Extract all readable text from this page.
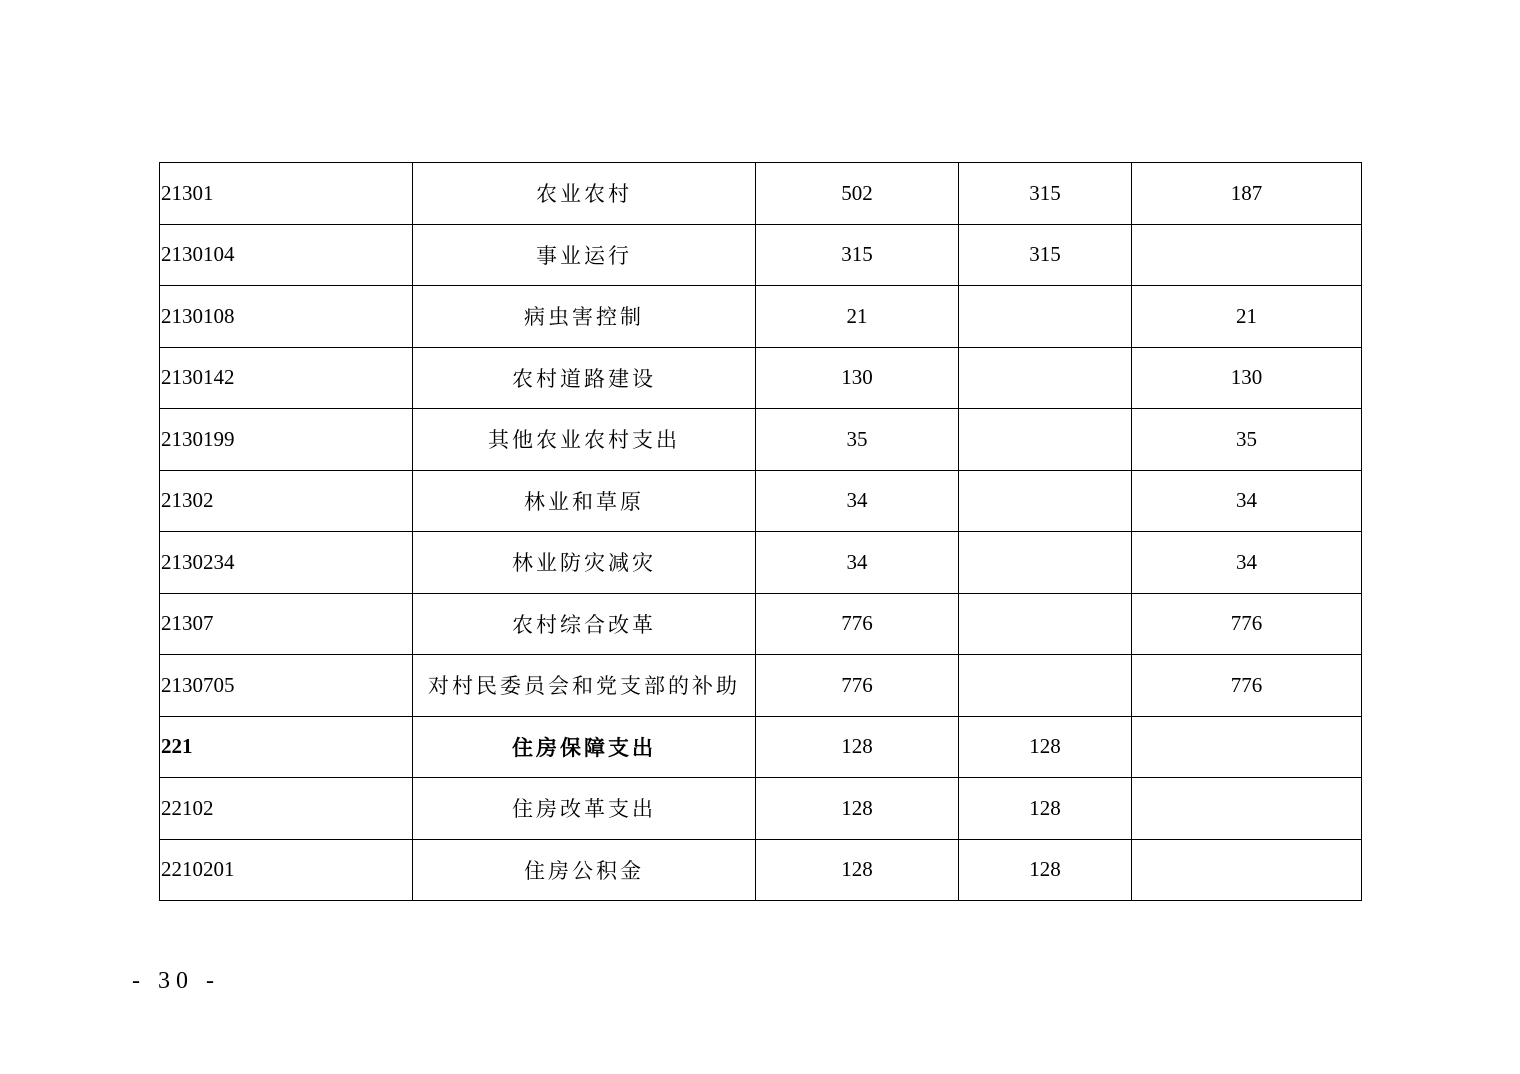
21301	农业农村	502	315	187
2130104	事业运行	315	315	
2130108	病虫害控制	21		21
2130142	农村道路建设	130		130
2130199	其他农业农村支出	35		35
21302	林业和草原	34		34
2130234	林业防灾减灾	34		34
21307	农村综合改革	776		776
2130705	对村民委员会和党支部的补助	776		776
221	住房保障支出	128	128	
22102	住房改革支出	128	128	
2210201	住房公积金	128	128	
- 30 -
